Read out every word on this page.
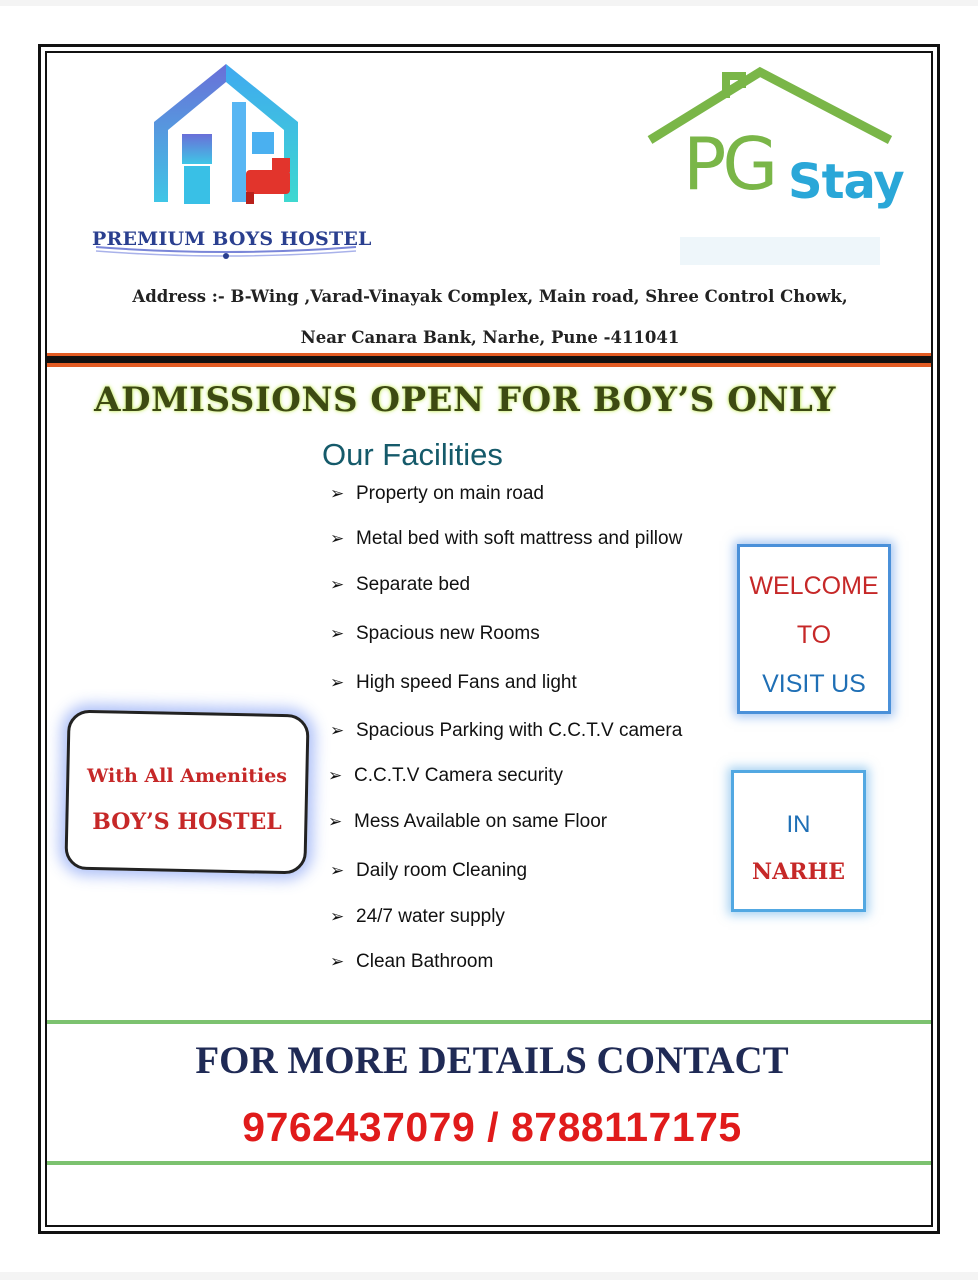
PREMIUM BOYS HOSTEL
PG Stay
Address :- B-Wing ,Varad-Vinayak Complex, Main road, Shree Control Chowk,
Near Canara Bank, Narhe, Pune -411041
ADMISSIONS OPEN FOR BOY’S ONLY
Our Facilities
➢ Property on main road
➢ Metal bed with soft mattress and pillow
➢ Separate bed
➢ Spacious new Rooms
➢ High speed Fans and light
➢ Spacious Parking with C.C.T.V camera
➢ C.C.T.V Camera security
➢ Mess Available on same Floor
➢ Daily room Cleaning
➢ 24/7 water supply
➢ Clean Bathroom
WELCOME
TO
VISIT US
IN
NARHE
With All Amenities
BOY’S HOSTEL
FOR MORE DETAILS CONTACT
9762437079 / 8788117175
